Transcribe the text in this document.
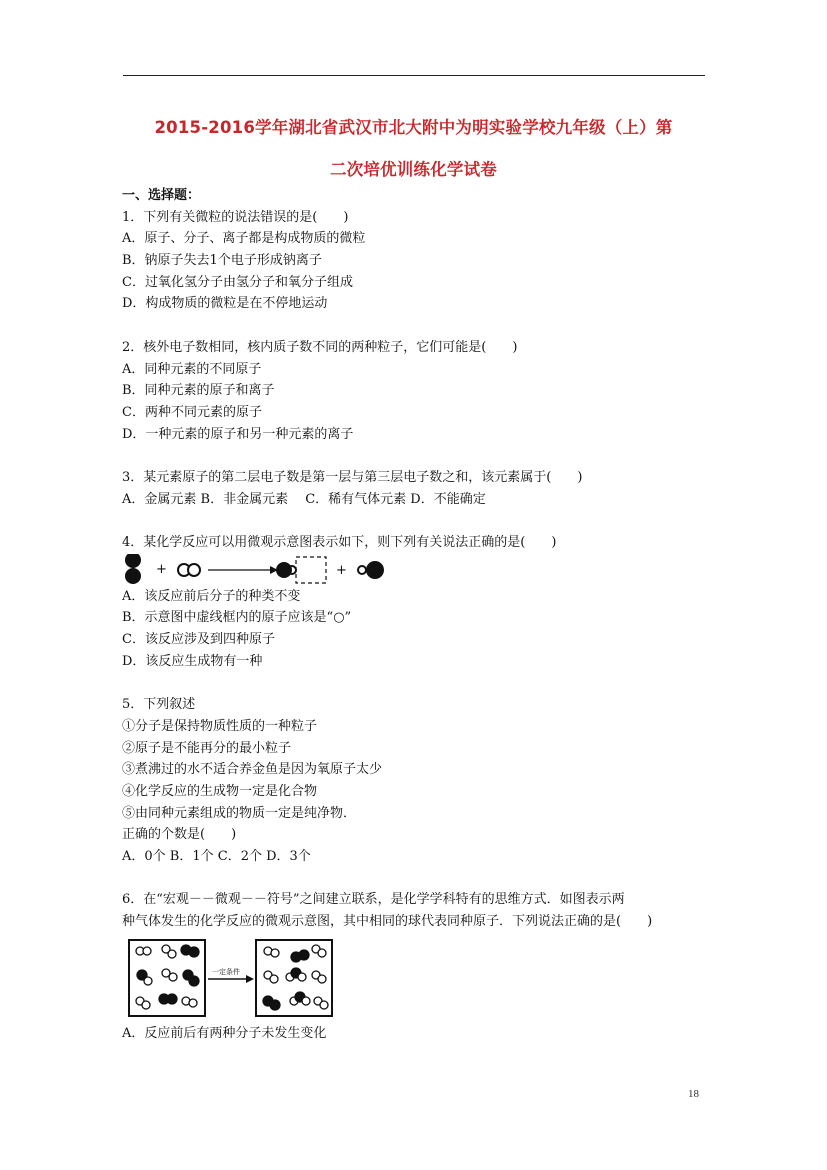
2015-2016学年湖北省武汉市北大附中为明实验学校九年级（上）第
二次培优训练化学试卷
一、选择题：
1．下列有关微粒的说法错误的是(　　)
A．原子、分子、离子都是构成物质的微粒
B．钠原子失去1个电子形成钠离子
C．过氧化氢分子由氢分子和氧分子组成
D．构成物质的微粒是在不停地运动
2．核外电子数相同，核内质子数不同的两种粒子，它们可能是(　　)
A．同种元素的不同原子
B．同种元素的原子和离子
C．两种不同元素的原子
D．一种元素的原子和另一种元素的离子
3．某元素原子的第二层电子数是第一层与第三层电子数之和，该元素属于(　　)
A．金属元素 B．非金属元素　 C．稀有气体元素 D．不能确定
4．某化学反应可以用微观示意图表示如下，则下列有关说法正确的是(　　)
+	+
A．该反应前后分子的种类不变
B．示意图中虚线框内的原子应该是“○”
C．该反应涉及到四种原子
D．该反应生成物有一种
5．下列叙述
①分子是保持物质性质的一种粒子
②原子是不能再分的最小粒子
③煮沸过的水不适合养金鱼是因为氧原子太少
④化学反应的生成物一定是化合物
⑤由同种元素组成的物质一定是纯净物．
正确的个数是(　　)
A．0个 B．1个 C．2个 D．3个
6．在“宏观－－微观－－符号”之间建立联系，是化学学科特有的思维方式．如图表示两
种气体发生的化学反应的微观示意图，其中相同的球代表同种原子．下列说法正确的是(　　)
一定条件
A．反应前后有两种分子未发生变化
18
